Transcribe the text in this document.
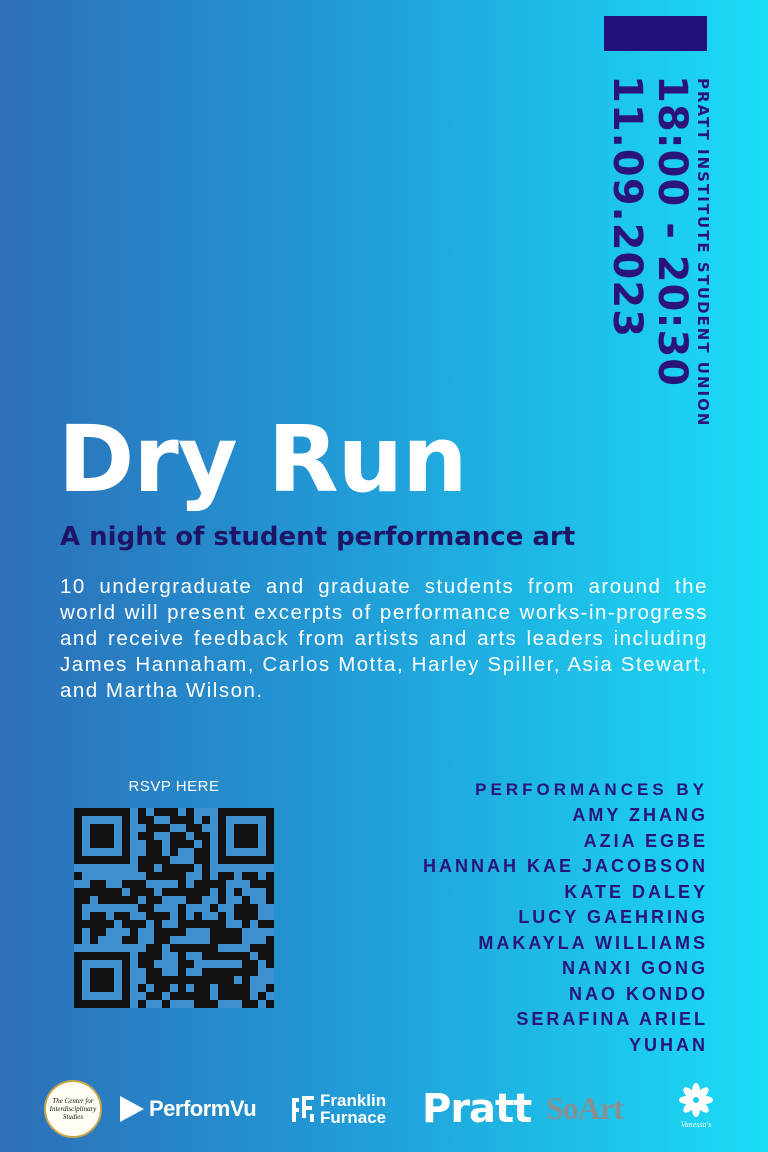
11.09.2023 18:00 - 20:30 PRATT INSTITUTE STUDENT UNION
Dry Run
A night of student performance art

10 undergraduate and graduate students from around the world will present excerpts of performance works-in-progress and receive feedback from artists and arts leaders including James Hannaham, Carlos Motta, Harley Spiller, Asia Stewart, and Martha Wilson.

RSVP HERE	PERFORMANCES BY
AMY ZHANG
AZIA EGBE
HANNAH KAE JACOBSON
KATE DALEY
LUCY GAEHRING
MAKAYLA WILLIAMS
NANXI GONG
NAO KONDO
SERAFINA ARIEL
YUHAN
The Center for Interdisciplinary Studies	PerformVu	Franklin
Furnace Pratt SoArt	Vanessa's
